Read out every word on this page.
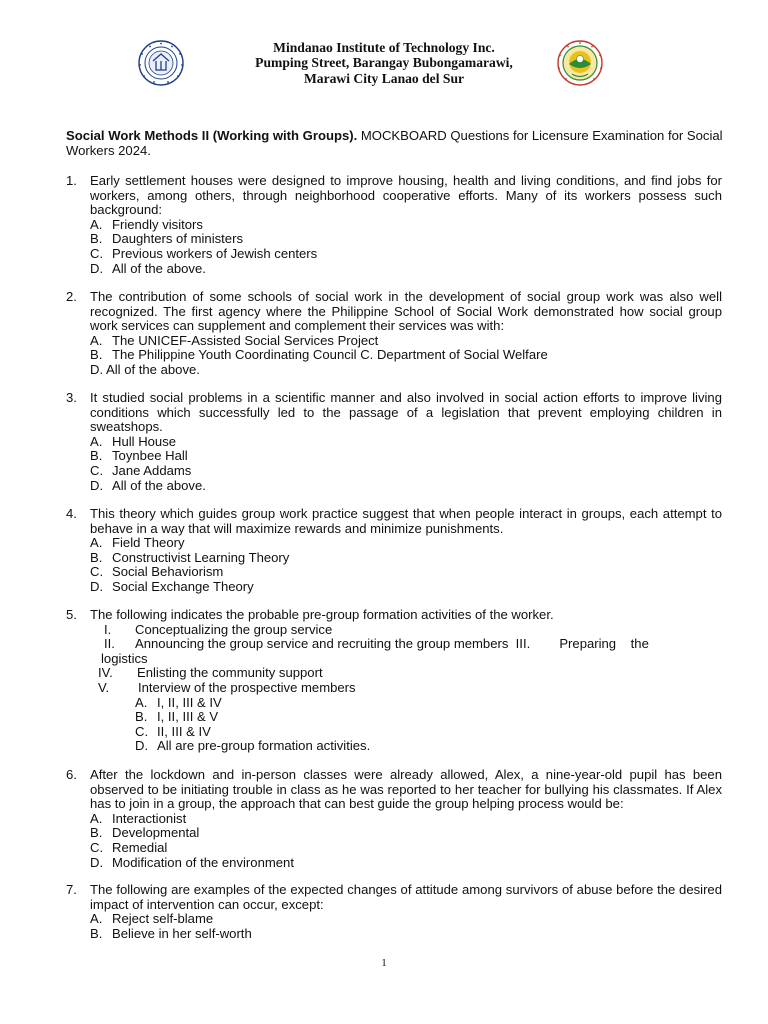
Mindanao Institute of Technology Inc.
Pumping Street, Barangay Bubongamarawi,
Marawi City Lanao del Sur
Social Work Methods II (Working with Groups). MOCKBOARD Questions for Licensure Examination for Social Workers 2024.
1. Early settlement houses were designed to improve housing, health and living conditions, and find jobs for workers, among others, through neighborhood cooperative efforts. Many of its workers possess such background:
A. Friendly visitors
B. Daughters of ministers
C. Previous workers of Jewish centers
D. All of the above.
2. The contribution of some schools of social work in the development of social group work was also well recognized. The first agency where the Philippine School of Social Work demonstrated how social group work services can supplement and complement their services was with:
A. The UNICEF-Assisted Social Services Project
B. The Philippine Youth Coordinating Council C. Department of Social Welfare
D. All of the above.
3. It studied social problems in a scientific manner and also involved in social action efforts to improve living conditions which successfully led to the passage of a legislation that prevent employing children in sweatshops.
A. Hull House
B. Toynbee Hall
C. Jane Addams
D. All of the above.
4. This theory which guides group work practice suggest that when people interact in groups, each attempt to behave in a way that will maximize rewards and minimize punishments.
A. Field Theory
B. Constructivist Learning Theory
C. Social Behaviorism
D. Social Exchange Theory
5. The following indicates the probable pre-group formation activities of the worker.
I. Conceptualizing the group service
II. Announcing the group service and recruiting the group members  III.        Preparing    the
logistics
IV. Enlisting the community support
V. Interview of the prospective members
A. I, II, III & IV
B. I, II, III & V
C. II, III & IV
D. All are pre-group formation activities.
6. After the lockdown and in-person classes were already allowed, Alex, a nine-year-old pupil has been observed to be initiating trouble in class as he was reported to her teacher for bullying his classmates. If Alex has to join in a group, the approach that can best guide the group helping process would be:
A. Interactionist
B. Developmental
C. Remedial
D. Modification of the environment
7. The following are examples of the expected changes of attitude among survivors of abuse before the desired impact of intervention can occur, except:
A. Reject self-blame
B. Believe in her self-worth
1
